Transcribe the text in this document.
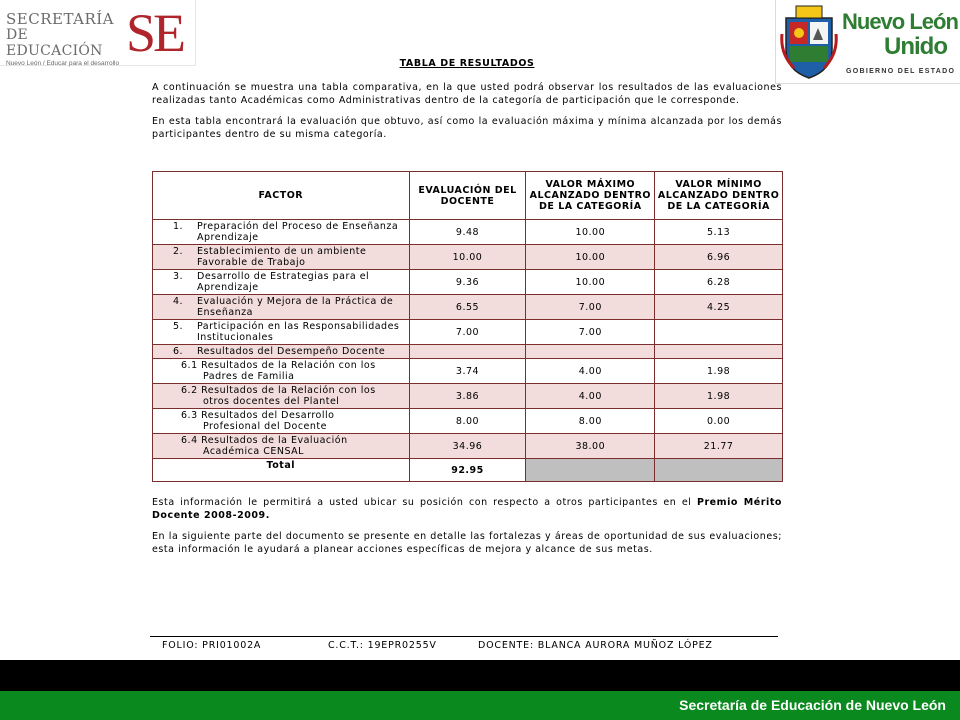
SECRETARÍA
DE EDUCACIÓN
Nuevo León / Educar para el desarrollo
SE	Nuevo León
Unido
GOBIERNO DEL ESTADO
TABLA DE RESULTADOS

A continuación se muestra una tabla comparativa, en la que usted podrá observar los resultados de las evaluaciones realizadas tanto Académicas como Administrativas dentro de la categoría de participación que le corresponde.

En esta tabla encontrará la evaluación que obtuvo, así como la evaluación máxima y mínima alcanzada por los demás participantes dentro de su misma categoría.

FACTOR	EVALUACIÓN DEL DOCENTE	VALOR MÁXIMO ALCANZADO DENTRO DE LA CATEGORÍA	VALOR MÍNIMO ALCANZADO DENTRO DE LA CATEGORÍA

1. Preparación del Proceso de Enseñanza Aprendizaje	9.48	10.00	5.13

2. Establecimiento de un ambiente Favorable de Trabajo	10.00	10.00	6.96

3. Desarrollo de Estrategias para el Aprendizaje	9.36	10.00	6.28

4. Evaluación y Mejora de la Práctica de Enseñanza	6.55	7.00	4.25

5. Participación en las Responsabilidades Institucionales	7.00	7.00	

6. Resultados del Desempeño Docente			

6.1 Resultados de la Relación con los
Padres de Familia	3.74	4.00	1.98

6.2 Resultados de la Relación con los
otros docentes del Plantel	3.86	4.00	1.98

6.3 Resultados del Desarrollo
Profesional del Docente	8.00	8.00	0.00

6.4 Resultados de la Evaluación
Académica CENSAL	34.96	38.00	21.77
Total	92.95		

Esta información le permitirá a usted ubicar su posición con respecto a otros participantes en el Premio Mérito Docente 2008-2009.

En la siguiente parte del documento se presente en detalle las fortalezas y áreas de oportunidad de sus evaluaciones; esta información le ayudará a planear acciones específicas de mejora y alcance de sus metas.

FOLIO: PRI01002A	C.C.T.: 19EPR0255V	DOCENTE: BLANCA AURORA MUÑOZ LÓPEZ
Secretaría de Educación de Nuevo León
